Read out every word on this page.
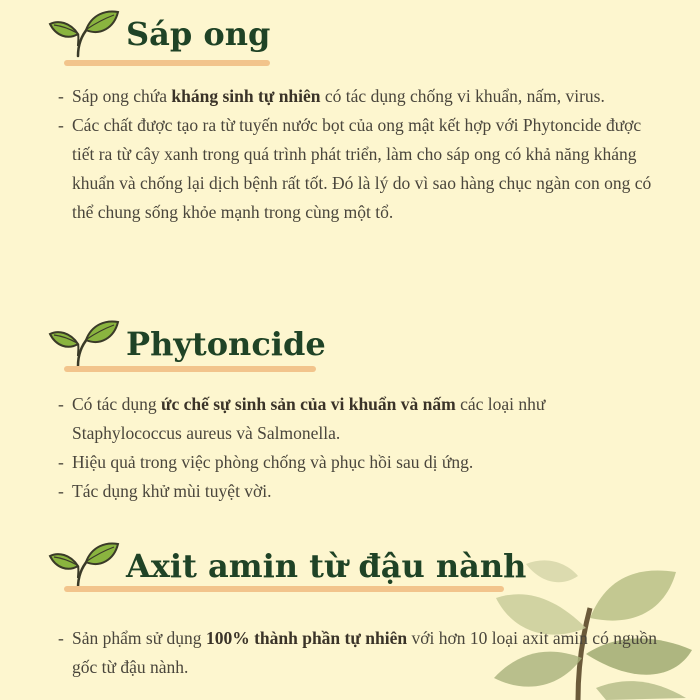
Sáp ong
- Sáp ong chứa kháng sinh tự nhiên có tác dụng chống vi khuẩn, nấm, virus.
- Các chất được tạo ra từ tuyến nước bọt của ong mật kết hợp với Phytoncide được tiết ra từ cây xanh trong quá trình phát triển, làm cho sáp ong có khả năng kháng khuẩn và chống lại dịch bệnh rất tốt. Đó là lý do vì sao hàng chục ngàn con ong có thể chung sống khỏe mạnh trong cùng một tổ.
Phytoncide
- Có tác dụng ức chế sự sinh sản của vi khuẩn và nấm các loại như Staphylococcus aureus và Salmonella.
- Hiệu quả trong việc phòng chống và phục hồi sau dị ứng.
- Tác dụng khử mùi tuyệt vời.
Axit amin từ đậu nành
- Sản phẩm sử dụng 100% thành phần tự nhiên với hơn 10 loại axit amin có nguồn gốc từ đậu nành.
